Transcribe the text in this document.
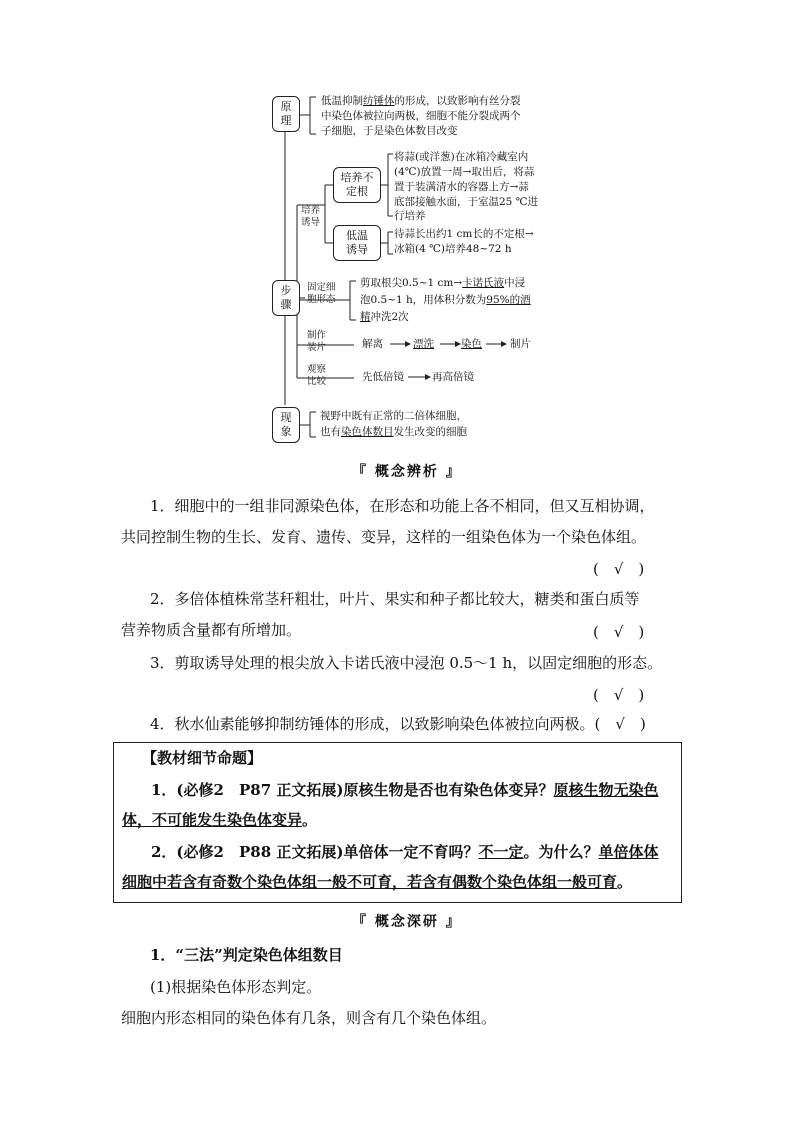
原
理
低温抑制纺锤体的形成，以致影响有丝分裂
中染色体被拉向两极，细胞不能分裂成两个
子细胞，于是染色体数目改变
步
骤
培养
诱导
培养不
定根
将蒜(或洋葱)在冰箱冷藏室内
(4℃)放置一周→取出后，将蒜
置于装满清水的容器上方→蒜
底部接触水面，于室温25 ℃进
行培养
低温
诱导
待蒜长出约1 cm长的不定根→
冰箱(4 ℃)培养48~72 h
固定细
胞形态
剪取根尖0.5~1 cm→卡诺氏液中浸
泡0.5~1 h，用体积分数为95%的酒
精冲洗2次
制作
装片	解离	漂洗	染色	制片
观察
比较	先低倍镜	再高倍镜
现
象
视野中既有正常的二倍体细胞，
也有染色体数目发生改变的细胞
『 概念辨析 』
1．细胞中的一组非同源染色体，在形态和功能上各不相同，但又互相协调，
共同控制生物的生长、发育、遗传、变异，这样的一组染色体为一个染色体组。
(　√　)
2．多倍体植株常茎秆粗壮，叶片、果实和种子都比较大，糖类和蛋白质等
营养物质含量都有所增加。	(　√　)
3．剪取诱导处理的根尖放入卡诺氏液中浸泡 0.5～1 h，以固定细胞的形态。
(　√　)
4．秋水仙素能够抑制纺锤体的形成，以致影响染色体被拉向两极。(　√　)
【教材细节命题】
1．(必修2　P87 正文拓展)原核生物是否也有染色体变异？原核生物无染色
体，不可能发生染色体变异。
2．(必修2　P88 正文拓展)单倍体一定不育吗？不一定。为什么？单倍体体
细胞中若含有奇数个染色体组一般不可育，若含有偶数个染色体组一般可育。
『 概念深研 』
1．“三法”判定染色体组数目
(1)根据染色体形态判定。
细胞内形态相同的染色体有几条，则含有几个染色体组。
